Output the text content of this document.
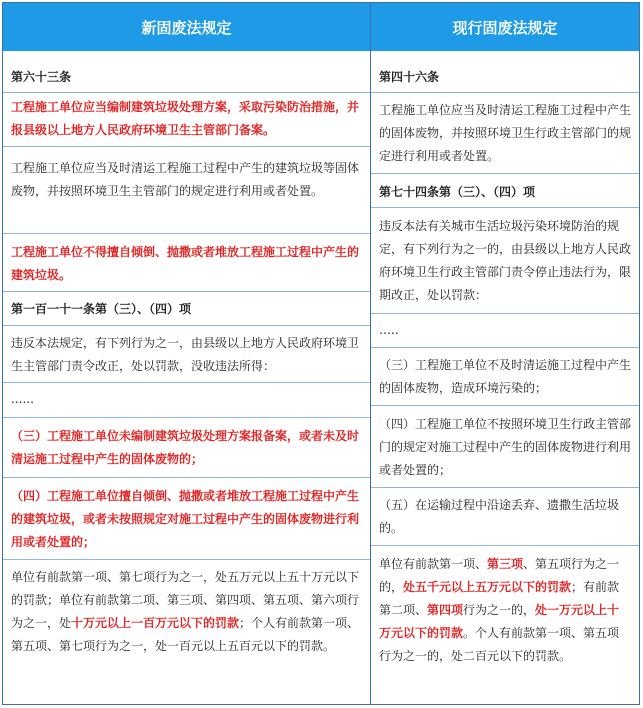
新固废法规定	现行固废法规定

第六十三条

工程施工单位应当编制建筑垃圾处理方案，采取污染防治措施，并报县级以上地方人民政府环境卫生主管部门备案。

工程施工单位应当及时清运工程施工过程中产生的建筑垃圾等固体废物，并按照环境卫生主管部门的规定进行利用或者处置。

工程施工单位不得擅自倾倒、抛撒或者堆放工程施工过程中产生的建筑垃圾。

第一百一十一条第（三）、（四）项

违反本法规定，有下列行为之一，由县级以上地方人民政府环境卫生主管部门责令改正，处以罚款，没收违法所得：

......

（三）工程施工单位未编制建筑垃圾处理方案报备案，或者未及时清运施工过程中产生的固体废物的；

（四）工程施工单位擅自倾倒、抛撒或者堆放工程施工过程中产生的建筑垃圾，或者未按照规定对施工过程中产生的固体废物进行利用或者处置的；

单位有前款第一项、第七项行为之一，处五万元以上五十万元以下的罚款；单位有前款第二项、第三项、第四项、第五项、第六项行为之一，处十万元以上一百万元以下的罚款；个人有前款第一项、第五项、第七项行为之一，处一百元以上五百元以下的罚款。

第四十六条

工程施工单位应当及时清运工程施工过程中产生的固体废物，并按照环境卫生行政主管部门的规定进行利用或者处置。

第七十四条第（三）、（四）项

违反本法有关城市生活垃圾污染环境防治的规定，有下列行为之一的，由县级以上地方人民政府环境卫生行政主管部门责令停止违法行为，限期改正，处以罚款：

…..

（三）工程施工单位不及时清运施工过程中产生的固体废物，造成环境污染的；

（四）工程施工单位不按照环境卫生行政主管部门的规定对施工过程中产生的固体废物进行利用或者处置的；

（五）在运输过程中沿途丢弃、遗撒生活垃圾的。

单位有前款第一项、第三项、第五项行为之一的，处五千元以上五万元以下的罚款；有前款第二项、第四项行为之一的，处一万元以上十万元以下的罚款。个人有前款第一项、第五项行为之一的，处二百元以下的罚款。
